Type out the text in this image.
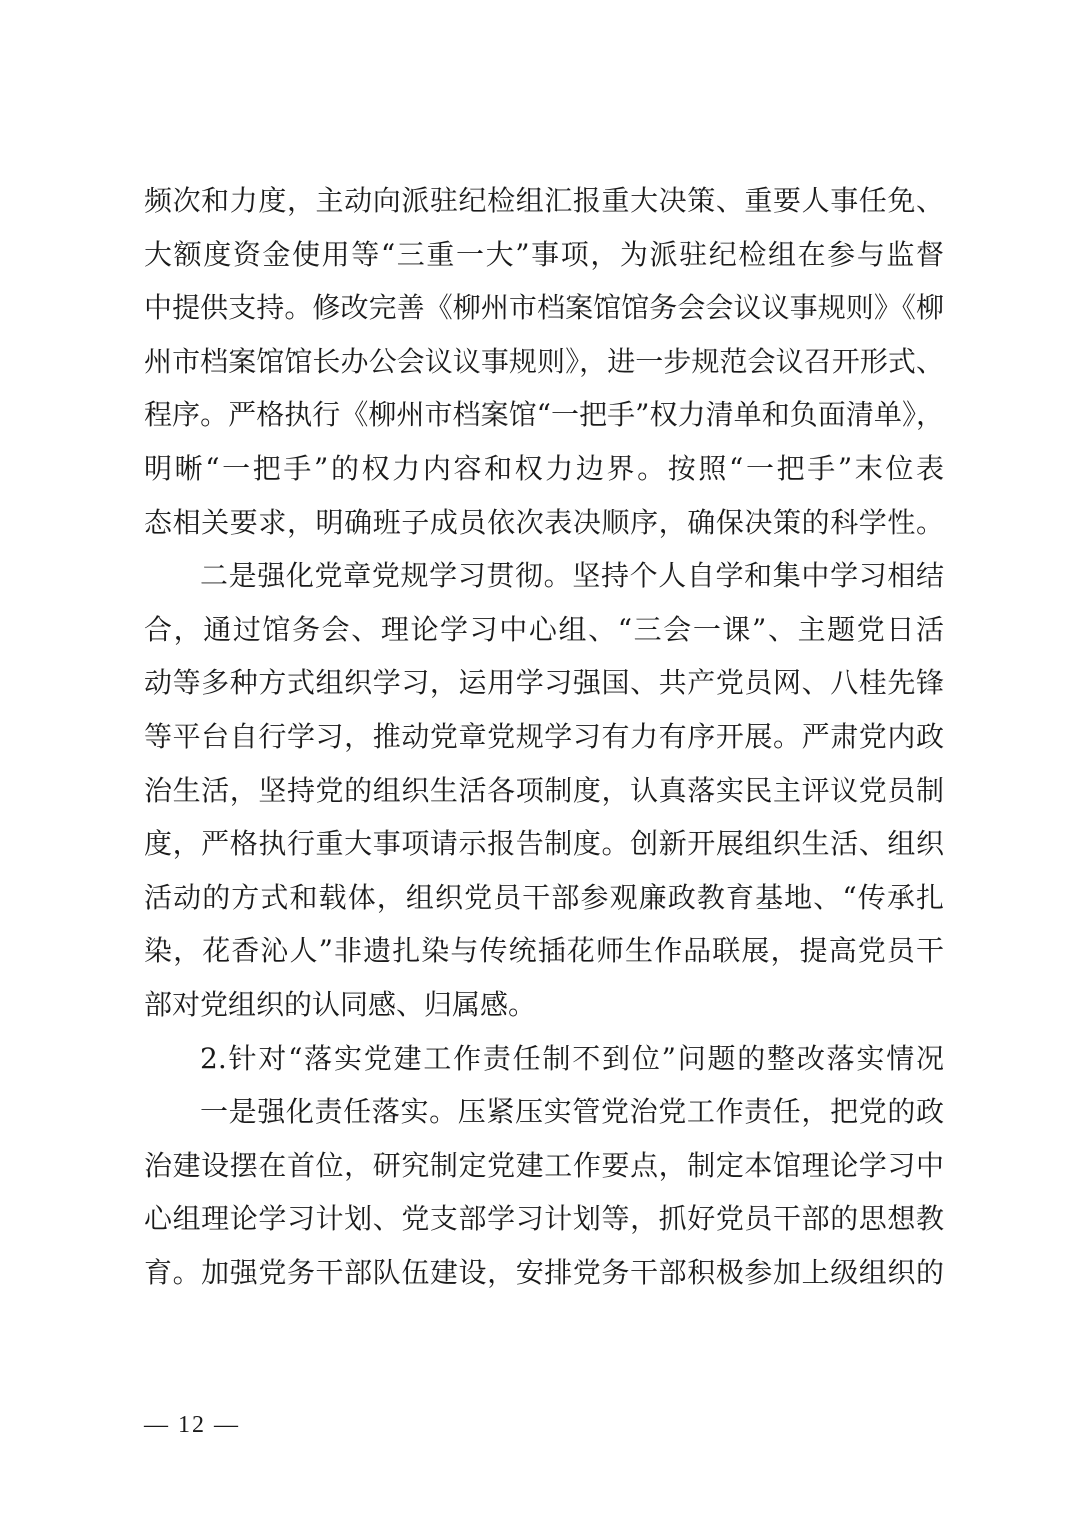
频次和力度，主动向派驻纪检组汇报重大决策、重要人事任免、
大额度资金使用等“三重一大”事项，为派驻纪检组在参与监督
中提供支持。修改完善《柳州市档案馆馆务会会议议事规则》《柳
州市档案馆馆长办公会议议事规则》，进一步规范会议召开形式、
程序。严格执行《柳州市档案馆“一把手”权力清单和负面清单》，
明晰“一把手”的权力内容和权力边界。按照“一把手”末位表
态相关要求，明确班子成员依次表决顺序，确保决策的科学性。
二是强化党章党规学习贯彻。坚持个人自学和集中学习相结
合，通过馆务会、理论学习中心组、“三会一课”、主题党日活
动等多种方式组织学习，运用学习强国、共产党员网、八桂先锋
等平台自行学习，推动党章党规学习有力有序开展。严肃党内政
治生活，坚持党的组织生活各项制度，认真落实民主评议党员制
度，严格执行重大事项请示报告制度。创新开展组织生活、组织
活动的方式和载体，组织党员干部参观廉政教育基地、“传承扎
染，花香沁人”非遗扎染与传统插花师生作品联展，提高党员干
部对党组织的认同感、归属感。
2.针对“落实党建工作责任制不到位”问题的整改落实情况
一是强化责任落实。压紧压实管党治党工作责任，把党的政
治建设摆在首位，研究制定党建工作要点，制定本馆理论学习中
心组理论学习计划、党支部学习计划等，抓好党员干部的思想教
育。加强党务干部队伍建设，安排党务干部积极参加上级组织的
— 12 —
